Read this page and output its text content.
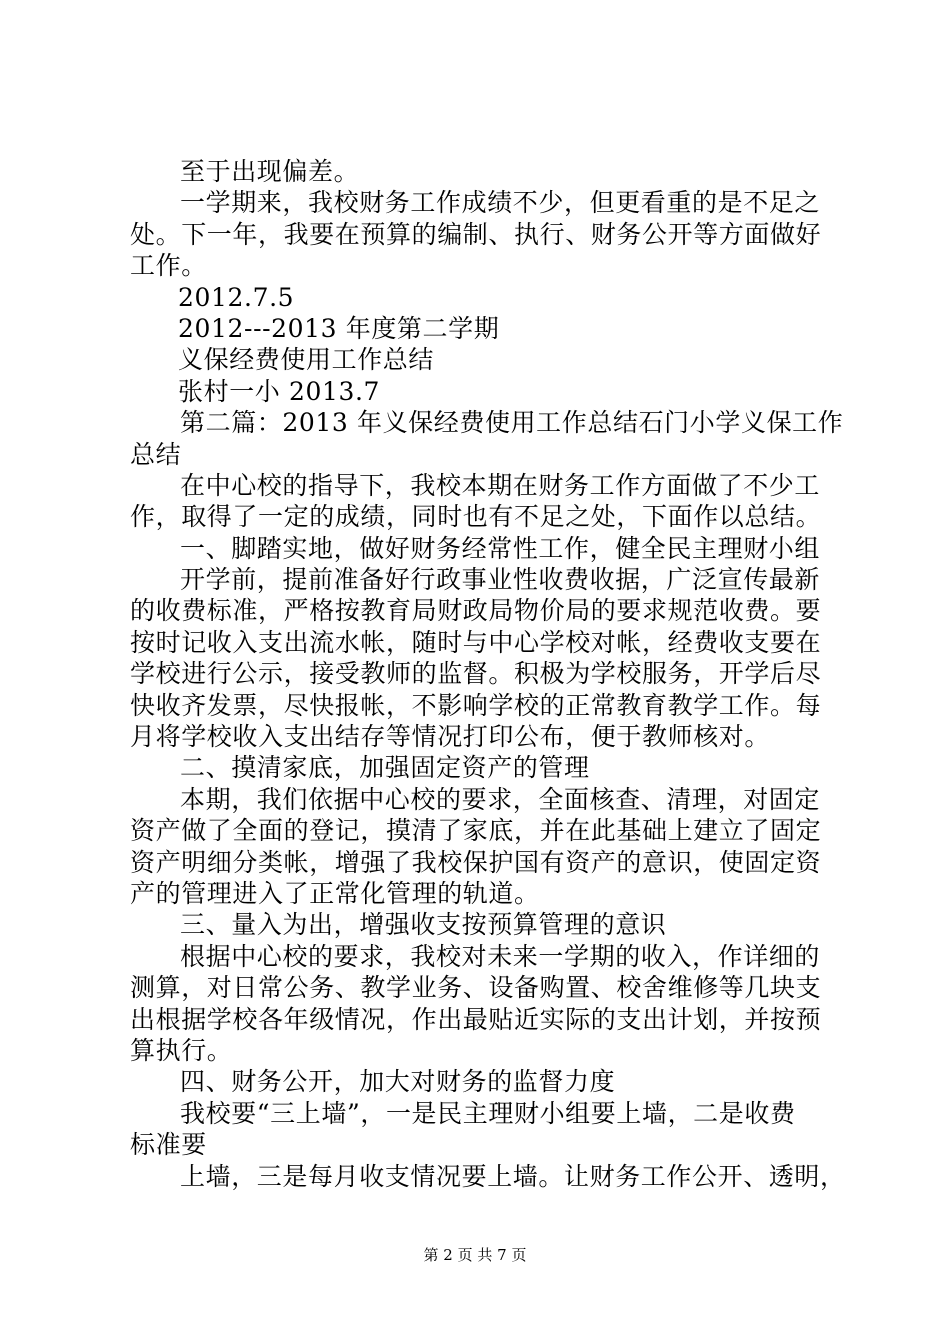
至于出现偏差。
一学期来，我校财务工作成绩不少，但更看重的是不足之
处。下一年，我要在预算的编制、执行、财务公开等方面做好
工作。
2012.7.5
2012---2013 年度第二学期
义保经费使用工作总结
张村一小 2013.7
第二篇：2013 年义保经费使用工作总结石门小学义保工作
总结
在中心校的指导下，我校本期在财务工作方面做了不少工
作，取得了一定的成绩，同时也有不足之处，下面作以总结。
一、脚踏实地，做好财务经常性工作，健全民主理财小组
开学前，提前准备好行政事业性收费收据，广泛宣传最新
的收费标准，严格按教育局财政局物价局的要求规范收费。要
按时记收入支出流水帐，随时与中心学校对帐，经费收支要在
学校进行公示，接受教师的监督。积极为学校服务，开学后尽
快收齐发票，尽快报帐，不影响学校的正常教育教学工作。每
月将学校收入支出结存等情况打印公布，便于教师核对。
二、摸清家底，加强固定资产的管理
本期，我们依据中心校的要求，全面核查、清理，对固定
资产做了全面的登记，摸清了家底，并在此基础上建立了固定
资产明细分类帐，增强了我校保护国有资产的意识，使固定资
产的管理进入了正常化管理的轨道。
三、量入为出，增强收支按预算管理的意识
根据中心校的要求，我校对未来一学期的收入，作详细的
测算，对日常公务、教学业务、设备购置、校舍维修等几块支
出根据学校各年级情况，作出最贴近实际的支出计划，并按预
算执行。
四、财务公开，加大对财务的监督力度
我校要“三上墙”，一是民主理财小组要上墙，二是收费
标准要
上墙，三是每月收支情况要上墙。让财务工作公开、透明，
第 2 页 共 7 页
